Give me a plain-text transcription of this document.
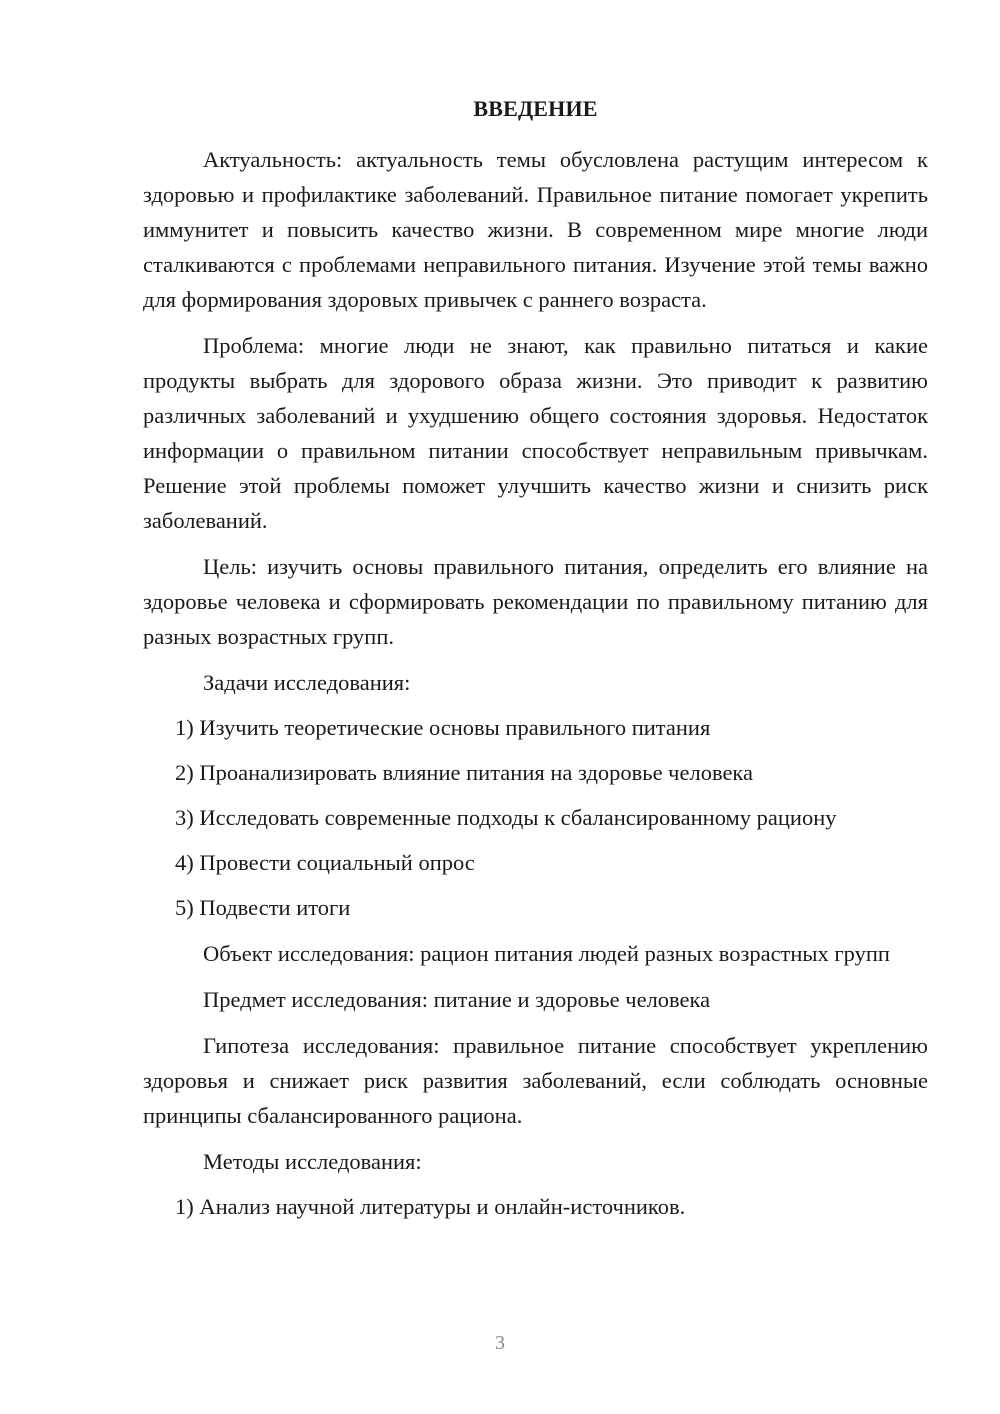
ВВЕДЕНИЕ

Актуальность: актуальность темы обусловлена растущим интересом к здоровью и профилактике заболеваний. Правильное питание помогает укрепить иммунитет и повысить качество жизни. В современном мире многие люди сталкиваются с проблемами неправильного питания. Изучение этой темы важно для формирования здоровых привычек с раннего возраста.

Проблема: многие люди не знают, как правильно питаться и какие продукты выбрать для здорового образа жизни. Это приводит к развитию различных заболеваний и ухудшению общего состояния здоровья. Недостаток информации о правильном питании способствует неправильным привычкам. Решение этой проблемы поможет улучшить качество жизни и снизить риск заболеваний.

Цель: изучить основы правильного питания, определить его влияние на здоровье человека и сформировать рекомендации по правильному питанию для разных возрастных групп.

Задачи исследования:

1) Изучить теоретические основы правильного питания
2) Проанализировать влияние питания на здоровье человека
3) Исследовать современные подходы к сбалансированному рациону
4) Провести социальный опрос
5) Подвести итоги

Объект исследования: рацион питания людей разных возрастных групп

Предмет исследования: питание и здоровье человека

Гипотеза исследования: правильное питание способствует укреплению здоровья и снижает риск развития заболеваний, если соблюдать основные принципы сбалансированного рациона.

Методы исследования:

1) Анализ научной литературы и онлайн-источников.
3
